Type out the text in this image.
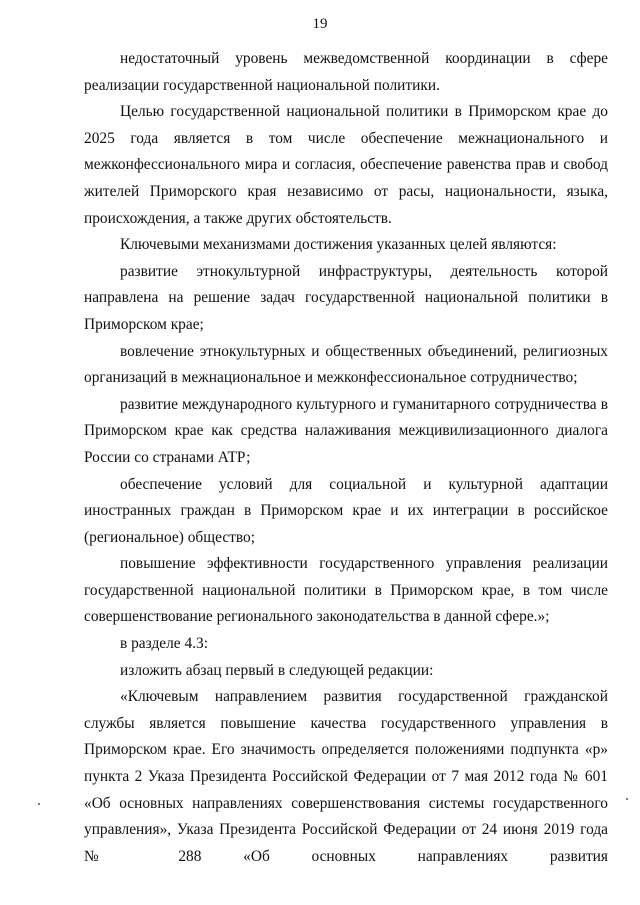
19

недостаточный уровень межведомственной координации в сфере реализации государственной национальной политики.

Целью государственной национальной политики в Приморском крае до 2025 года является в том числе обеспечение межнационального и межконфессионального мира и согласия, обеспечение равенства прав и свобод жителей Приморского края независимо от расы, национальности, языка, происхождения, а также других обстоятельств.

Ключевыми механизмами достижения указанных целей являются:

развитие этнокультурной инфраструктуры, деятельность которой направлена на решение задач государственной национальной политики в Приморском крае;

вовлечение этнокультурных и общественных объединений, религиозных организаций в межнациональное и межконфессиональное сотрудничество;

развитие международного культурного и гуманитарного сотрудничества в Приморском крае как средства налаживания межцивилизационного диалога России со странами АТР;

обеспечение условий для социальной и культурной адаптации иностранных граждан в Приморском крае и их интеграции в российское (региональное) общество;

повышение эффективности государственного управления реализации государственной национальной политики в Приморском крае, в том числе совершенствование регионального законодательства в данной сфере.»;

в разделе 4.3:

изложить абзац первый в следующей редакции:

«Ключевым направлением развития государственной гражданской службы является повышение качества государственного управления в Приморском крае. Его значимость определяется положениями подпункта «р» пункта 2 Указа Президента Российской Федерации от 7 мая 2012 года № 601 «Об основных направлениях совершенствования системы государственного управления», Указа Президента Российской Федерации от 24 июня 2019 года № 288 «Об основных направлениях развития
